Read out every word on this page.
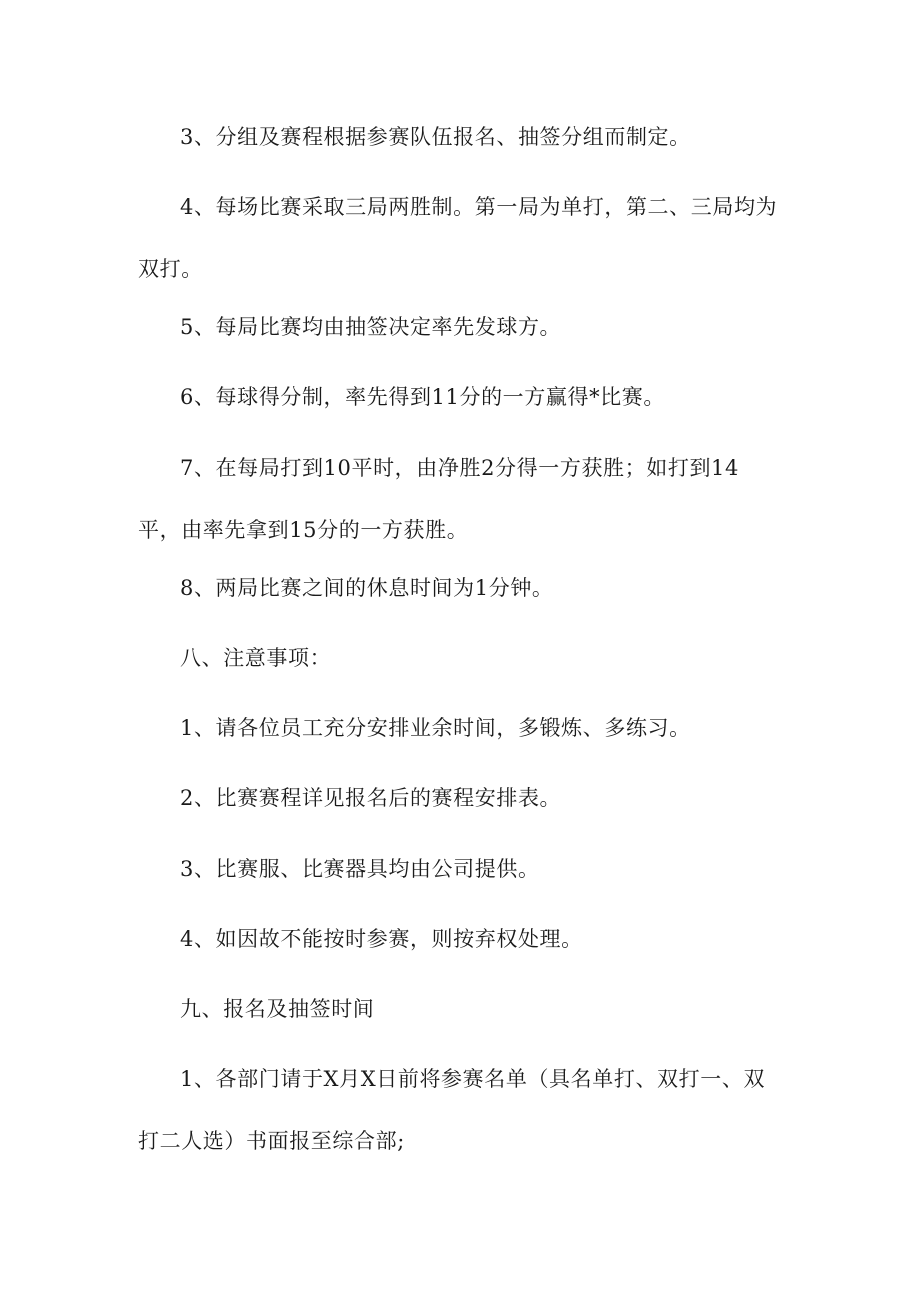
3、分组及赛程根据参赛队伍报名、抽签分组而制定。

4、每场比赛采取三局两胜制。第一局为单打，第二、三局均为双打。

5、每局比赛均由抽签决定率先发球方。

6、每球得分制，率先得到11分的一方赢得*比赛。

7、在每局打到10平时，由净胜2分得一方获胜；如打到14平，由率先拿到15分的一方获胜。

8、两局比赛之间的休息时间为1分钟。

八、注意事项：

1、请各位员工充分安排业余时间，多锻炼、多练习。

2、比赛赛程详见报名后的赛程安排表。

3、比赛服、比赛器具均由公司提供。

4、如因故不能按时参赛，则按弃权处理。

九、报名及抽签时间

1、各部门请于X月X日前将参赛名单（具名单打、双打一、双打二人选）书面报至综合部;
